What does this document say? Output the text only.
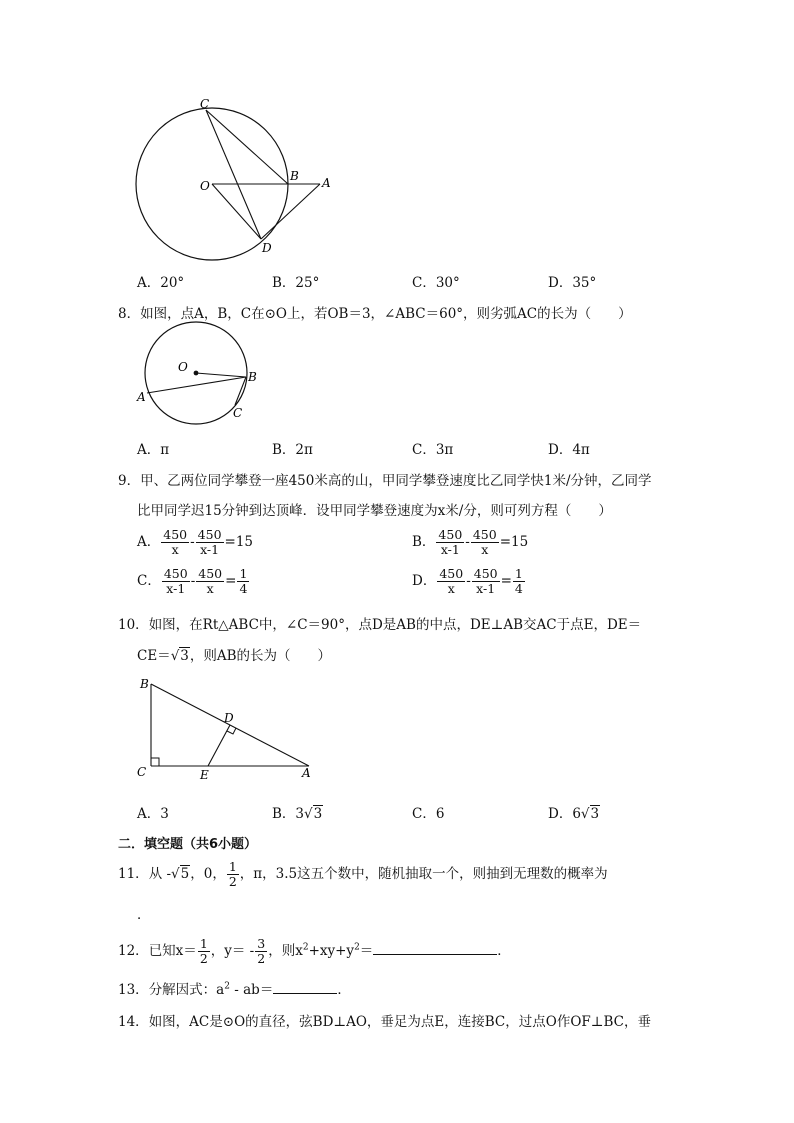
C
O
B A
D
A．20°	B．25°	C．30°	D．35°
8．如图，点A，B，C在⊙O上，若OB＝3，∠ABC＝60°，则劣弧AC的长为（　　）
O
B
A
C
A．π	B．2π	C．3π	D．4π
9．甲、乙两位同学攀登一座450米高的山，甲同学攀登速度比乙同学快1米/分钟，乙同学
比甲同学迟15分钟到达顶峰．设甲同学攀登速度为x米/分，则可列方程（　　）
A． $\frac{450}{x} - \frac{450}{x-1} =15$	B． $\frac{450}{x-1} - \frac{450}{x} =15$
C． $\frac{450}{x-1} - \frac{450}{x} = \frac{1}{4}$	D． $\frac{450}{x} - \frac{450}{x-1} = \frac{1}{4}$
10．如图，在Rt△ABC中，∠C＝90°，点D是AB的中点，DE⊥AB交AC于点E，DE＝
CE＝√3，则AB的长为（　　）
B
D
C	E	A
A．3	B．3√3	C．6	D．6√3
二．填空题（共6小题）
11．从 -√5，0， $\frac{1}{2}$ ，π，3.5这五个数中，随机抽取一个，则抽到无理数的概率为
．
12．已知$x= \frac{1}{2}$ ，$y= - \frac{3}{2}$ ，则$x^2+xy+y^2=$	．
13．分解因式：$a^2 - ab=$	．
14．如图，AC是⊙O的直径，弦BD⊥AO，垂足为点E，连接BC，过点O作OF⊥BC，垂
